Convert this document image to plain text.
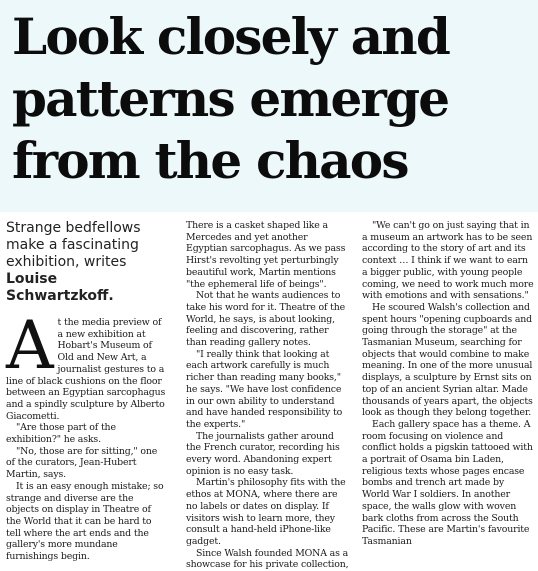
Look closely and patterns emerge from the chaos

Strange bedfellows make a fascinating exhibition, writes
Louise Schwartzkoff.

At the media preview of a new exhibition at Hobart's Museum of Old and New Art, a journalist gestures to a line of black cushions on the floor between an Egyptian sarcophagus and a spindly sculpture by Alberto Giacometti.

"Are those part of the exhibition?" he asks.

"No, those are for sitting," one of the curators, Jean-Hubert Martin, says.

It is an easy enough mistake; so strange and diverse are the objects on display in Theatre of the World that it can be hard to tell where the art ends and the gallery's more mundane furnishings begin.

There is a casket shaped like a Mercedes and yet another Egyptian sarcophagus. As we pass Hirst's revolting yet perturbingly beautiful work, Martin mentions "the ephemeral life of beings".

Not that he wants audiences to take his word for it. Theatre of the World, he says, is about looking, feeling and discovering, rather than reading gallery notes.

"I really think that looking at each artwork carefully is much richer than reading many books," he says. "We have lost confidence in our own ability to understand and have handed responsibility to the experts."

The journalists gather around the French curator, recording his every word. Abandoning expert opinion is no easy task.

Martin's philosophy fits with the ethos at MONA, where there are no labels or dates on display. If visitors wish to learn more, they consult a hand-held iPhone-like gadget.

Since Walsh founded MONA as a showcase for his private collection,

"We can't go on just saying that in a museum an artwork has to be seen according to the story of art and its context … I think if we want to earn a bigger public, with young people coming, we need to work much more with emotions and with sensations."

He scoured Walsh's collection and spent hours "opening cupboards and going through the storage" at the Tasmanian Museum, searching for objects that would combine to make meaning. In one of the more unusual displays, a sculpture by Ernst sits on top of an ancient Syrian altar. Made thousands of years apart, the objects look as though they belong together.

Each gallery space has a theme. A room focusing on violence and conflict holds a pigskin tattooed with a portrait of Osama bin Laden, religious texts whose pages encase bombs and trench art made by World War I soldiers. In another space, the walls glow with woven bark cloths from across the South Pacific. These are Martin's favourite Tasmanian
